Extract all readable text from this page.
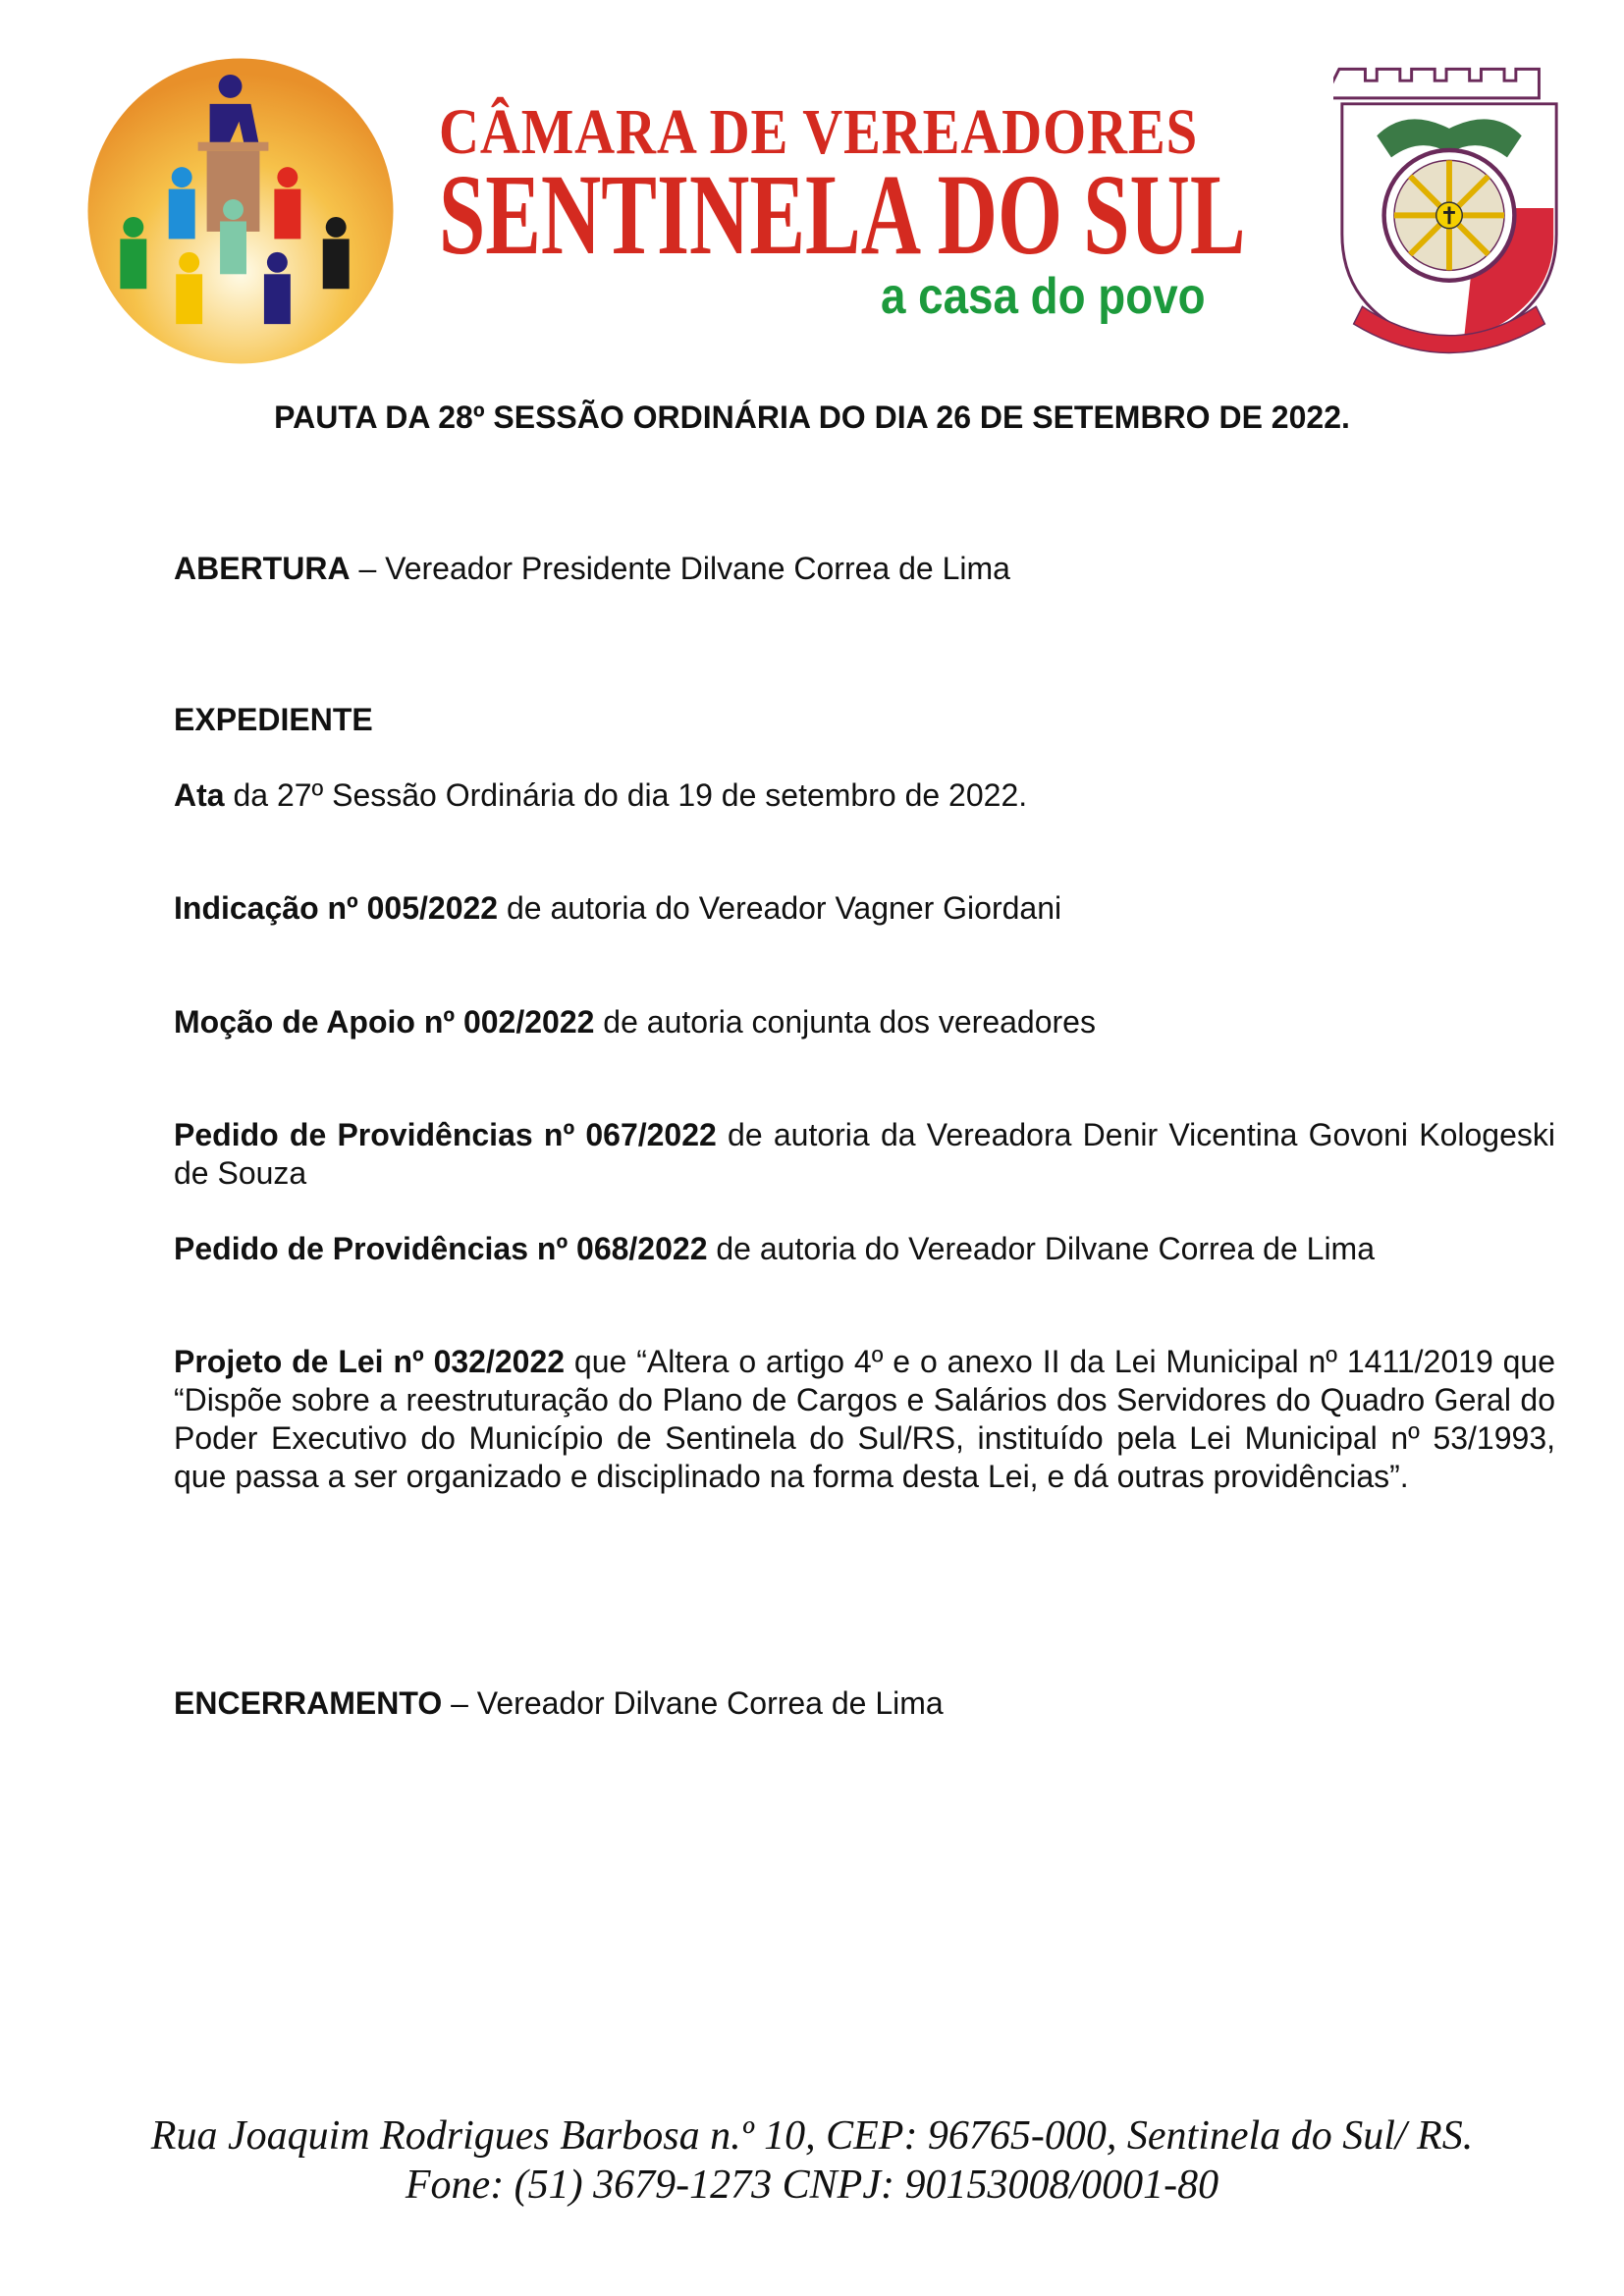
CÂMARA DE VEREADORES
SENTINELA DO SUL
a casa do povo
PAUTA DA 28º SESSÃO ORDINÁRIA DO DIA 26 DE SETEMBRO DE 2022.
ABERTURA – Vereador Presidente Dilvane Correa de Lima
EXPEDIENTE
Ata da 27º Sessão Ordinária do dia 19 de setembro de 2022.
Indicação nº 005/2022 de autoria do Vereador Vagner Giordani
Moção de Apoio nº 002/2022 de autoria conjunta dos vereadores
Pedido de Providências nº 067/2022 de autoria da Vereadora Denir Vicentina Govoni Kologeski de Souza
Pedido de Providências nº 068/2022 de autoria do Vereador Dilvane Correa de Lima
Projeto de Lei nº 032/2022 que “Altera o artigo 4º e o anexo II da Lei Municipal nº 1411/2019 que “Dispõe sobre a reestruturação do Plano de Cargos e Salários dos Servidores do Quadro Geral do Poder Executivo do Município de Sentinela do Sul/RS, instituído pela Lei Municipal nº 53/1993, que passa a ser organizado e disciplinado na forma desta Lei, e dá outras providências”.
ENCERRAMENTO – Vereador Dilvane Correa de Lima
Rua Joaquim Rodrigues Barbosa n.º 10, CEP: 96765-000, Sentinela do Sul/ RS.
Fone: (51) 3679-1273 CNPJ: 90153008/0001-80
